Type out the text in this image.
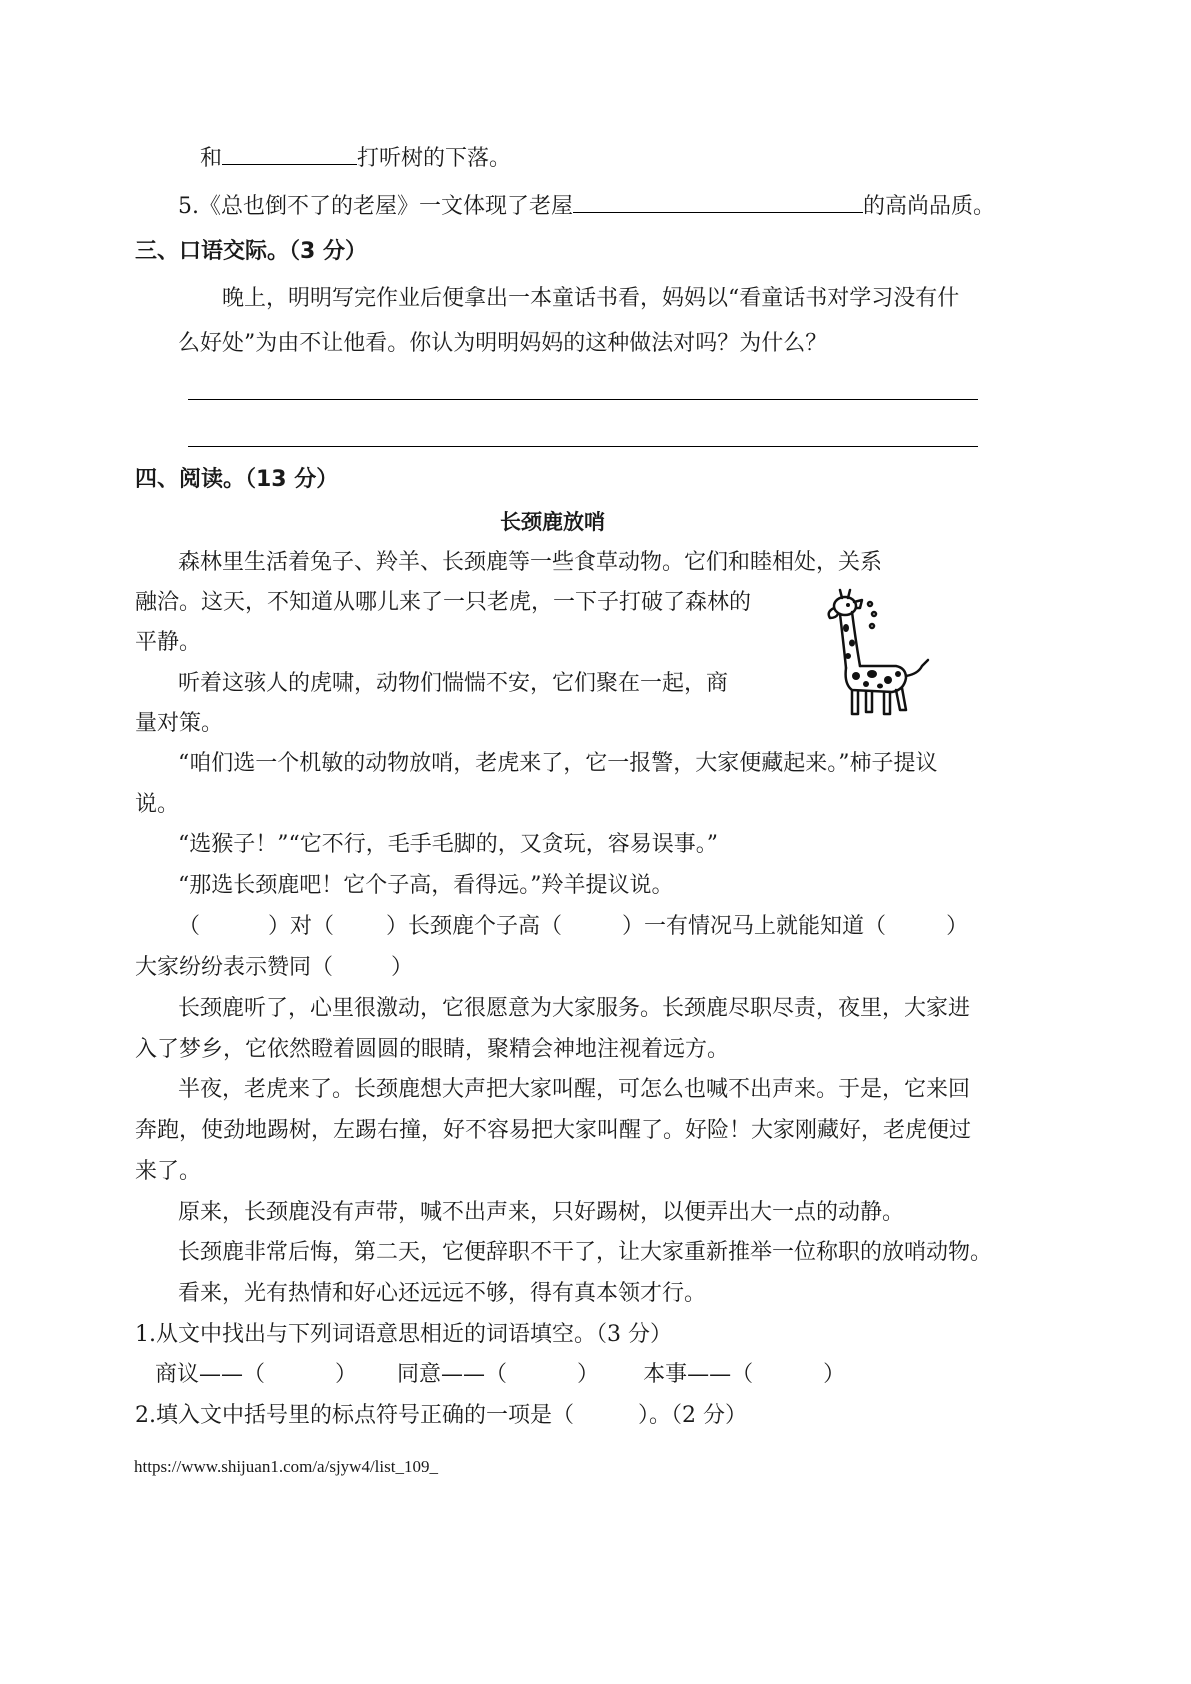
和	打听树的下落。
5.《总也倒不了的老屋》一文体现了老屋	的高尚品质。
三、口语交际。（3 分）
晚上，明明写完作业后便拿出一本童话书看，妈妈以“看童话书对学习没有什
么好处”为由不让他看。你认为明明妈妈的这种做法对吗？为什么？
四、阅读。（13 分）
长颈鹿放哨
森林里生活着兔子、羚羊、长颈鹿等一些食草动物。它们和睦相处，关系
融洽。这天，不知道从哪儿来了一只老虎，一下子打破了森林的
平静。
听着这骇人的虎啸，动物们惴惴不安，它们聚在一起，商
量对策。
“咱们选一个机敏的动物放哨，老虎来了，它一报警，大家便藏起来。”柿子提议
说。
“选猴子！”“它不行，毛手毛脚的，又贪玩，容易误事。”
“那选长颈鹿吧！它个子高，看得远。”羚羊提议说。
（	）对（ ）长颈鹿个子高（	）一有情况马上就能知道（	）
大家纷纷表示赞同（	）
长颈鹿听了，心里很激动，它很愿意为大家服务。长颈鹿尽职尽责，夜里，大家进
入了梦乡，它依然瞪着圆圆的眼睛，聚精会神地注视着远方。
半夜，老虎来了。长颈鹿想大声把大家叫醒，可怎么也喊不出声来。于是，它来回
奔跑，使劲地踢树，左踢右撞，好不容易把大家叫醒了。好险！大家刚藏好，老虎便过
来了。
原来，长颈鹿没有声带，喊不出声来，只好踢树，以便弄出大一点的动静。
长颈鹿非常后悔，第二天，它便辞职不干了，让大家重新推举一位称职的放哨动物。
看来，光有热情和好心还远远不够，得有真本领才行。
1.从文中找出与下列词语意思相近的词语填空。（3 分）
商议——（	） 同意——（	） 本事——（	）
2.填入文中括号里的标点符号正确的一项是（	）。（2 分）
https://www.shijuan1.com/a/sjyw4/list_109_
